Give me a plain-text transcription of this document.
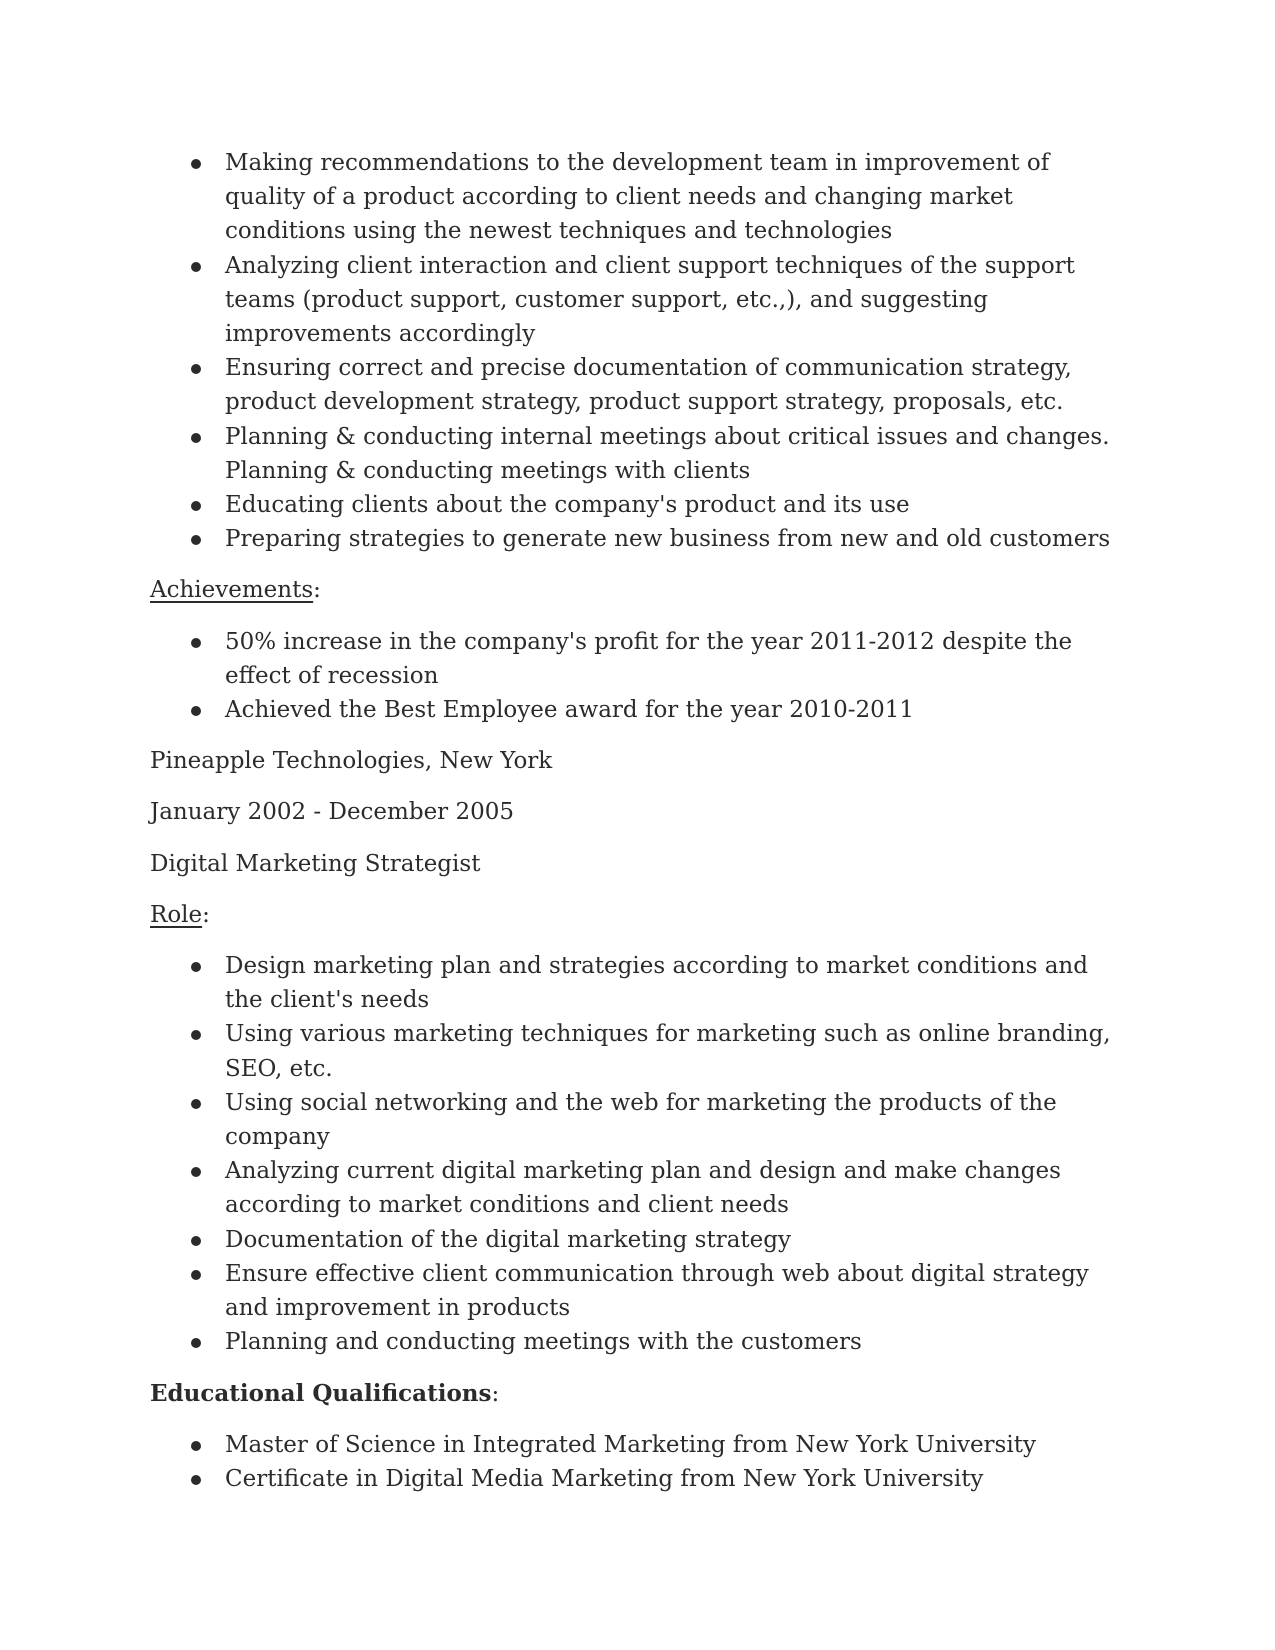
Making recommendations to the development team in improvement of quality of a product according to client needs and changing market conditions using the newest techniques and technologies
Analyzing client interaction and client support techniques of the support teams (product support, customer support, etc.,), and suggesting improvements accordingly
Ensuring correct and precise documentation of communication strategy, product development strategy, product support strategy, proposals, etc.
Planning & conducting internal meetings about critical issues and changes. Planning & conducting meetings with clients
Educating clients about the company's product and its use
Preparing strategies to generate new business from new and old customers

Achievements:

50% increase in the company's profit for the year 2011-2012 despite the effect of recession
Achieved the Best Employee award for the year 2010-2011

Pineapple Technologies, New York

January 2002 - December 2005

Digital Marketing Strategist

Role:

Design marketing plan and strategies according to market conditions and the client's needs
Using various marketing techniques for marketing such as online branding, SEO, etc.
Using social networking and the web for marketing the products of the company
Analyzing current digital marketing plan and design and make changes according to market conditions and client needs
Documentation of the digital marketing strategy
Ensure effective client communication through web about digital strategy and improvement in products
Planning and conducting meetings with the customers

Educational Qualifications:

Master of Science in Integrated Marketing from New York University
Certificate in Digital Media Marketing from New York University
